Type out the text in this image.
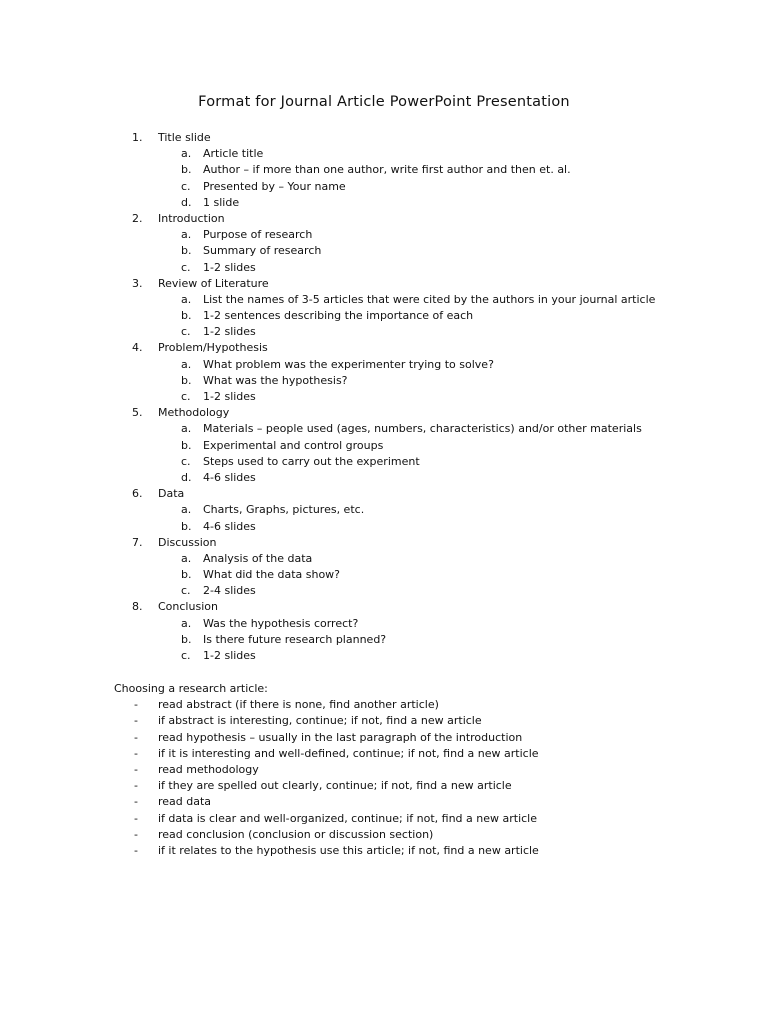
Format for Journal Article PowerPoint Presentation
1.	Title slide
a.	Article title
b.	Author – if more than one author, write first author and then et. al.
c.	Presented by – Your name
d.	1 slide
2.	Introduction
a.	Purpose of research
b.	Summary of research
c.	1-2 slides
3.	Review of Literature
a.	List the names of 3-5 articles that were cited by the authors in your journal article
b.	1-2 sentences describing the importance of each
c.	1-2 slides
4.	Problem/Hypothesis
a.	What problem was the experimenter trying to solve?
b.	What was the hypothesis?
c.	1-2 slides
5.	Methodology
a.	Materials – people used (ages, numbers, characteristics) and/or other materials
b.	Experimental and control groups
c.	Steps used to carry out the experiment
d.	4-6 slides
6.	Data
a.	Charts, Graphs, pictures, etc.
b.	4-6 slides
7.	Discussion
a.	Analysis of the data
b.	What did the data show?
c.	2-4 slides
8.	Conclusion
a.	Was the hypothesis correct?
b.	Is there future research planned?
c.	1-2 slides
Choosing a research article:
- read abstract (if there is none, find another article)
- if abstract is interesting, continue; if not, find a new article
- read hypothesis – usually in the last paragraph of the introduction
- if it is interesting and well-defined, continue; if not, find a new article
- read methodology
- if they are spelled out clearly, continue; if not, find a new article
- read data
- if data is clear and well-organized, continue; if not, find a new article
- read conclusion (conclusion or discussion section)
- if it relates to the hypothesis use this article; if not, find a new article
